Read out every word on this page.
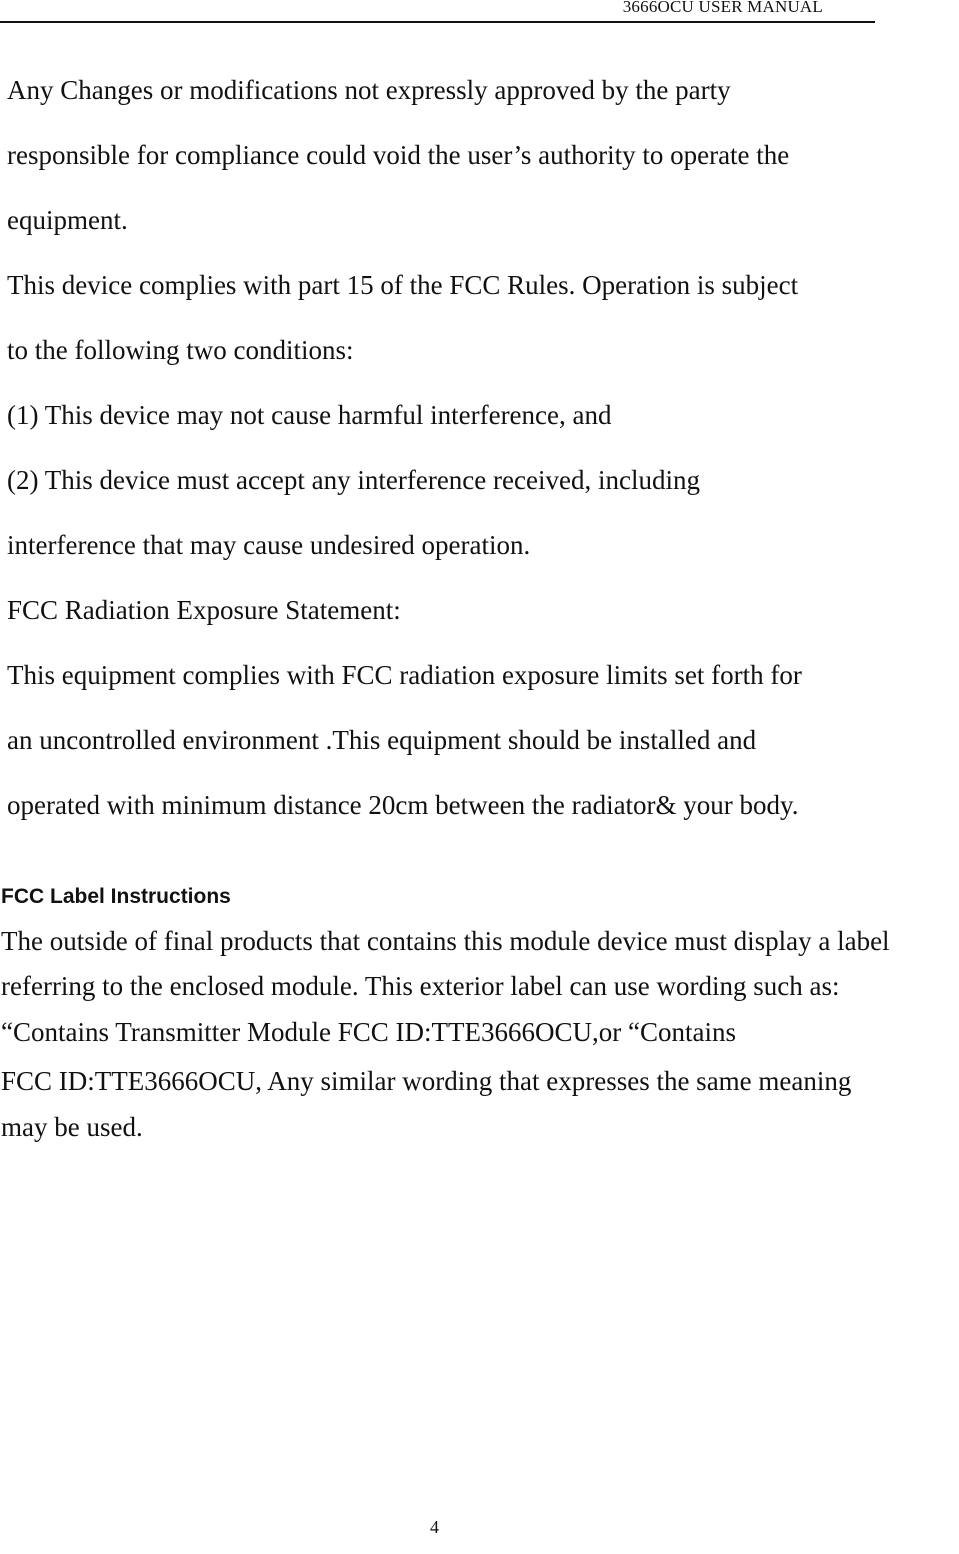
3666OCU USER MANUAL
Any Changes or modifications not expressly approved by the party
responsible for compliance could void the user’s authority to operate the
equipment.
This device complies with part 15 of the FCC Rules. Operation is subject
to the following two conditions:
(1) This device may not cause harmful interference, and
(2) This device must accept any interference received, including
interference that may cause undesired operation.
FCC Radiation Exposure Statement:
This equipment complies with FCC radiation exposure limits set forth for
an uncontrolled environment .This equipment should be installed and
operated with minimum distance 20cm between the radiator& your body.
FCC Label Instructions
The outside of final products that contains this module device must display a label
referring to the enclosed module. This exterior label can use wording such as:
“Contains Transmitter Module FCC ID:TTE3666OCU,or “Contains
FCC ID:TTE3666OCU, Any similar wording that expresses the same meaning
may be used.
4
